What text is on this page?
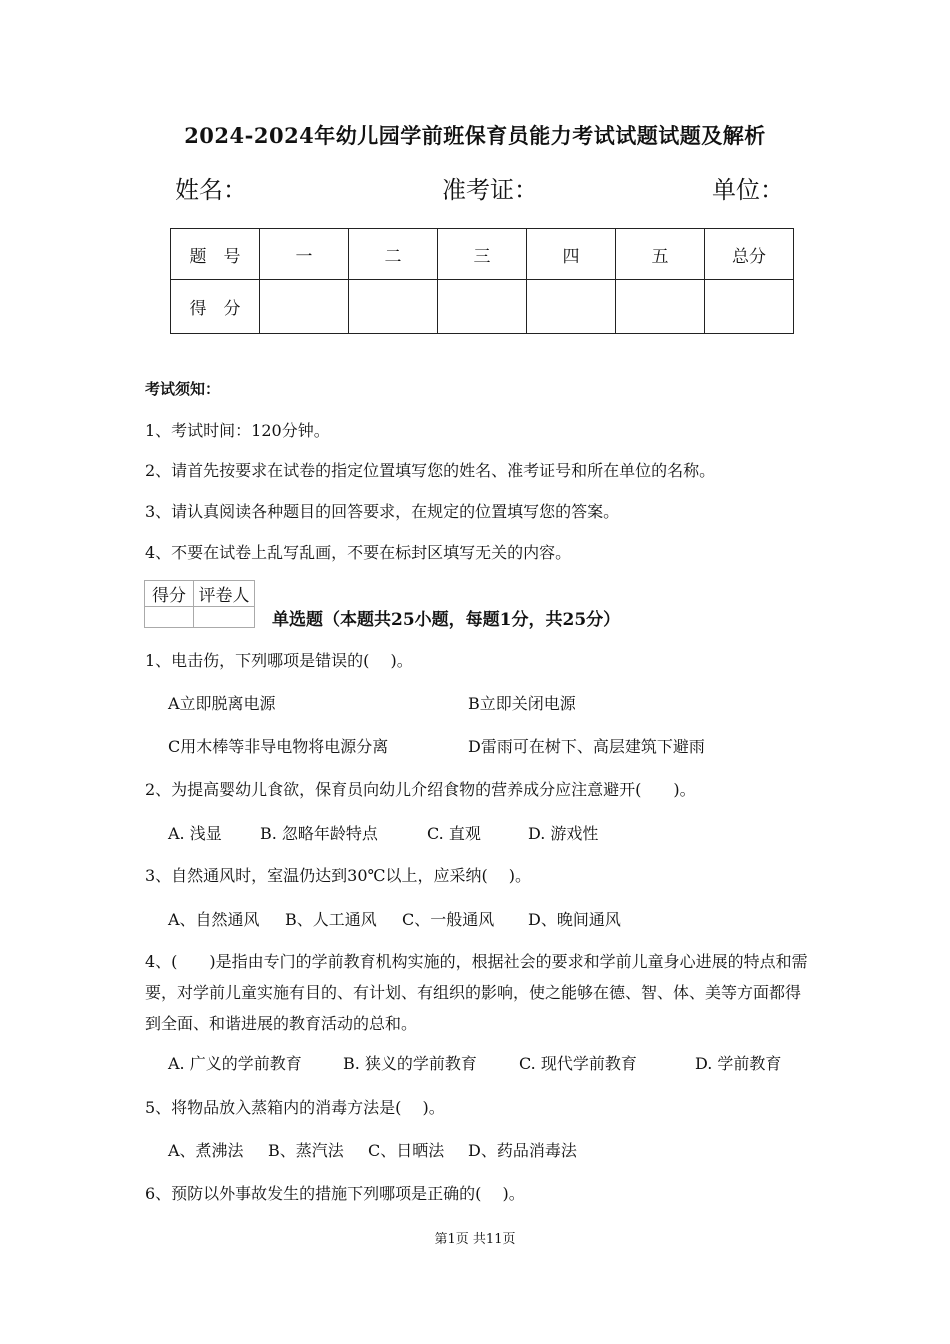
2024-2024年幼儿园学前班保育员能力考试试题试题及解析
姓名：	准考证：	单位：
题　号	一	二	三	四	五	总分
得　分						
考试须知：
1、考试时间：120分钟。
2、请首先按要求在试卷的指定位置填写您的姓名、准考证号和所在单位的名称。
3、请认真阅读各种题目的回答要求，在规定的位置填写您的答案。
4、不要在试卷上乱写乱画，不要在标封区填写无关的内容。
得分	评卷人

单选题（本题共25小题，每题1分，共25分）
1、电击伤，下列哪项是错误的(　 )。
A立即脱离电源	B立即关闭电源
C用木棒等非导电物将电源分离	D雷雨可在树下、高层建筑下避雨
2、为提高婴幼儿食欲，保育员向幼儿介绍食物的营养成分应注意避开(　　)。
A. 浅显 B. 忽略年龄特点	C. 直观	D. 游戏性
3、自然通风时，室温仍达到30℃以上，应采纳(　 )。
A、自然通风 B、人工通风 C、一般通风 D、晚间通风
4、(　　)是指由专门的学前教育机构实施的，根据社会的要求和学前儿童身心进展的特点和需要，对学前儿童实施有目的、有计划、有组织的影响，使之能够在德、智、体、美等方面都得到全面、和谐进展的教育活动的总和。
A. 广义的学前教育	B. 狭义的学前教育	C. 现代学前教育	D. 学前教育
5、将物品放入蒸箱内的消毒方法是(　 )。
A、煮沸法 B、蒸汽法 C、日晒法 D、药品消毒法
6、预防以外事故发生的措施下列哪项是正确的(　 )。
第1页 共11页
